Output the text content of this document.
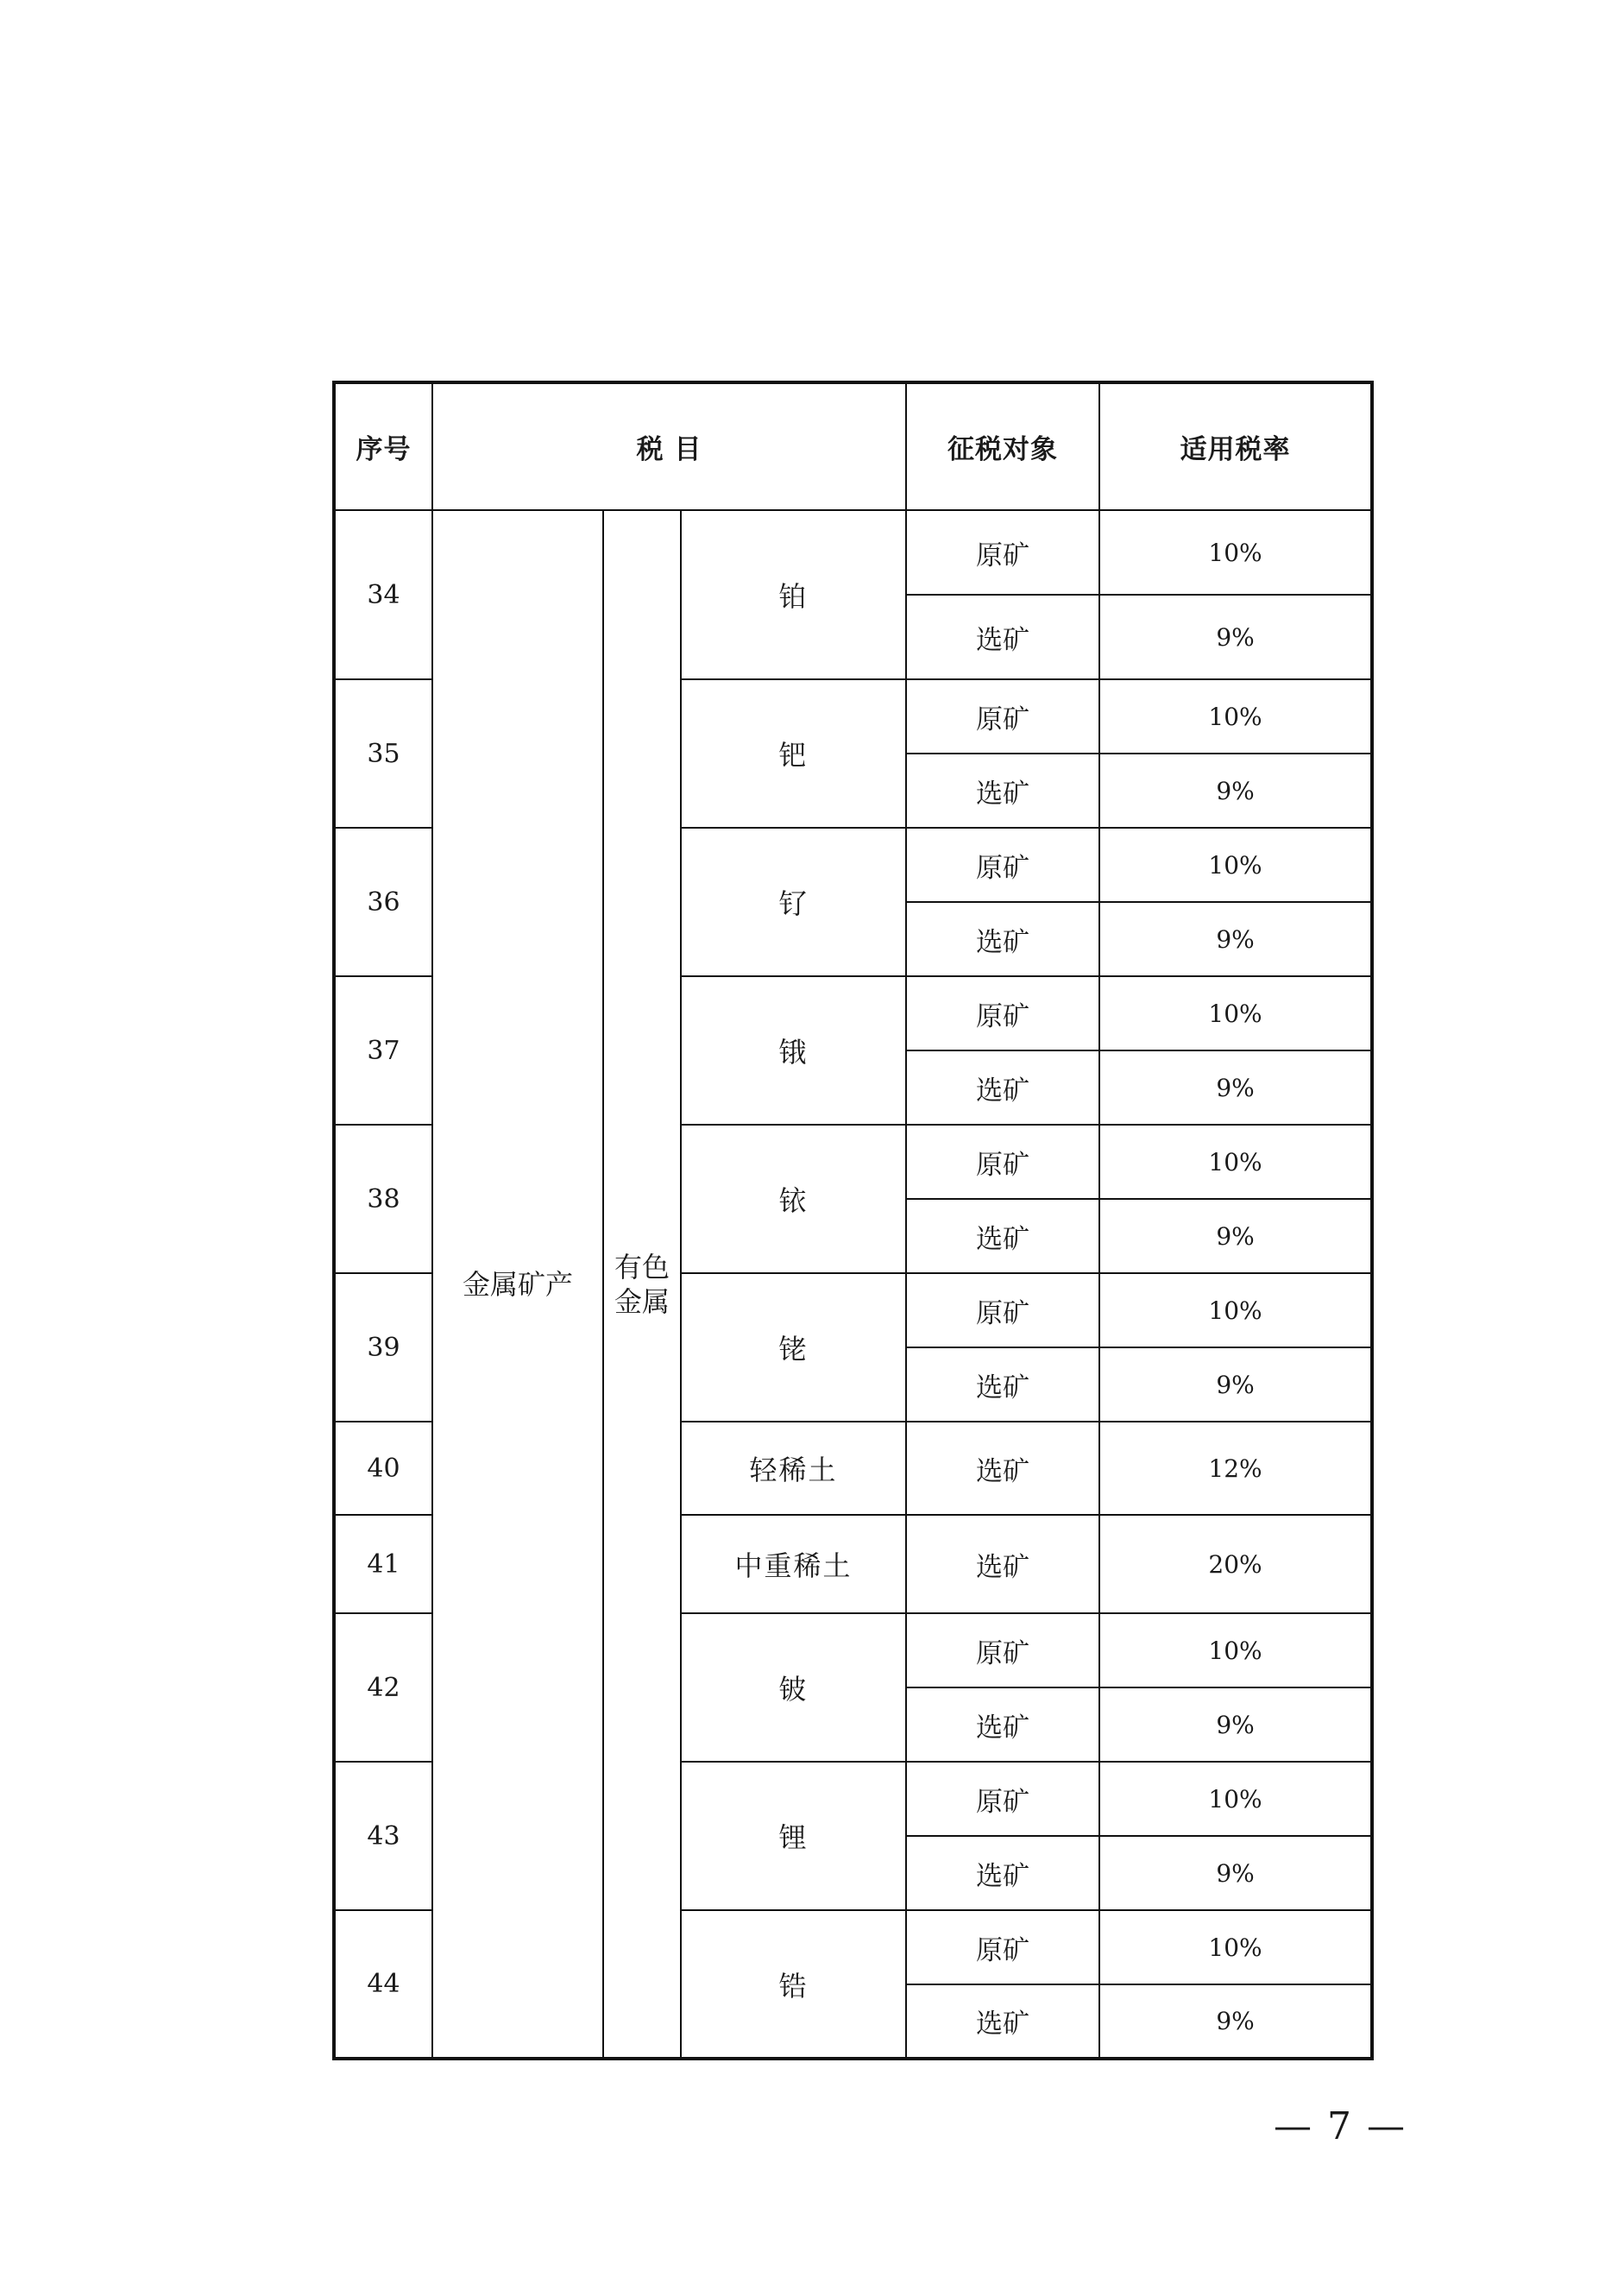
序号	税 目			征税对象	适用税率
34	金属矿产	有色金属	铂	原矿	10%
				选矿	9%
35			钯	原矿	10%
				选矿	9%
36			钌	原矿	10%
				选矿	9%
37			锇	原矿	10%
				选矿	9%
38			铱	原矿	10%
				选矿	9%
39			铑	原矿	10%
				选矿	9%
40			轻稀土	选矿	12%
41			中重稀土	选矿	20%
42			铍	原矿	10%
				选矿	9%
43			锂	原矿	10%
				选矿	9%
44			锆	原矿	10%
				选矿	9%
— 7 —
